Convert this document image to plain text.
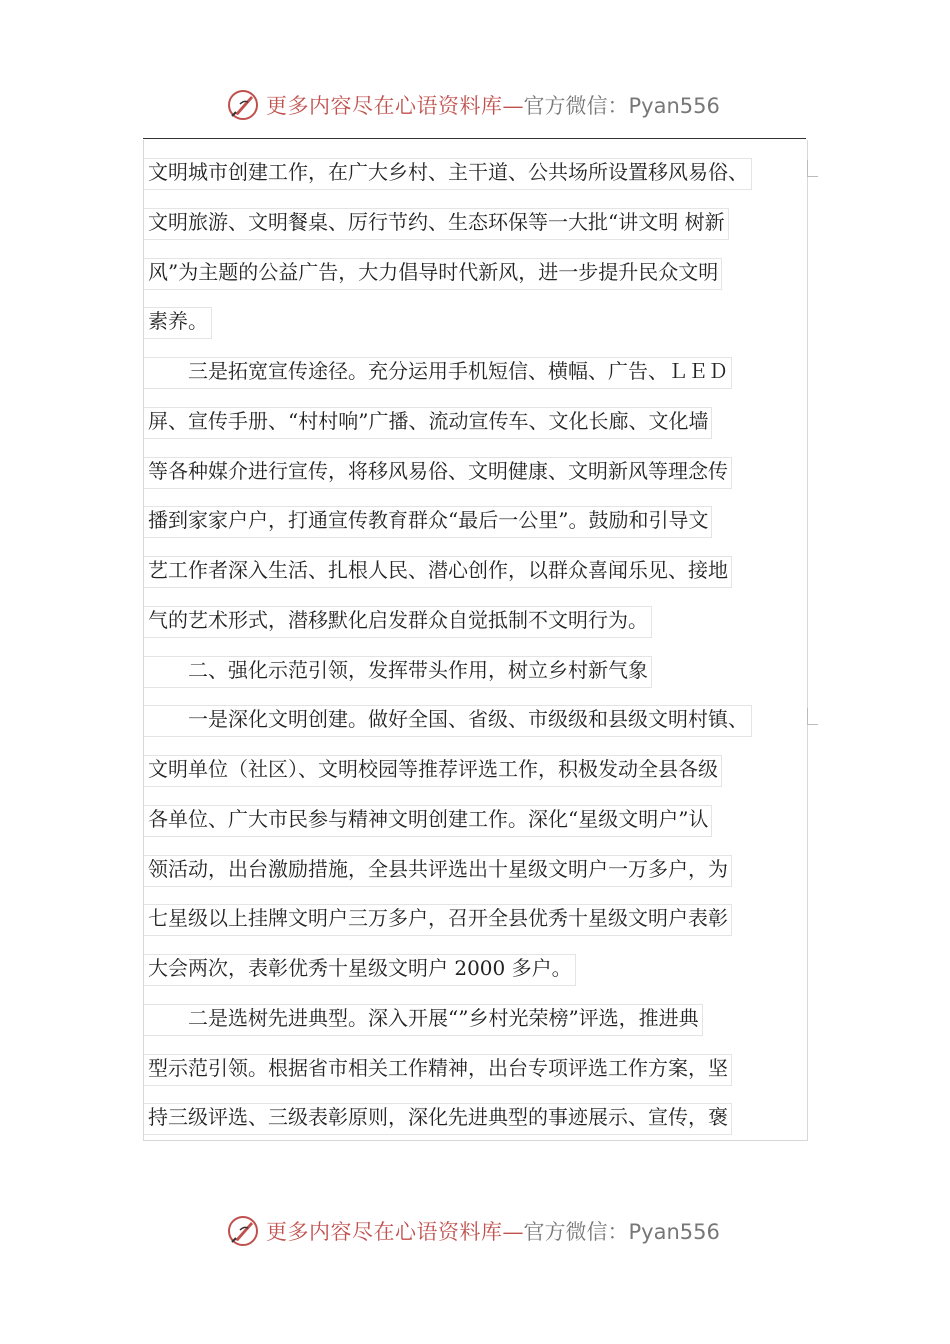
更多内容尽在心语资料库—官方微信：Pyan556
文明城市创建工作，在广大乡村、主干道、公共场所设置移风易俗、
文明旅游、文明餐桌、厉行节约、生态环保等一大批“讲文明 树新
风”为主题的公益广告，大力倡导时代新风，进一步提升民众文明
素养。
　　三是拓宽宣传途径。充分运用手机短信、横幅、广告、ＬＥＤ
屏、宣传手册、“村村响”广播、流动宣传车、文化长廊、文化墙
等各种媒介进行宣传，将移风易俗、文明健康、文明新风等理念传
播到家家户户，打通宣传教育群众“最后一公里”。鼓励和引导文
艺工作者深入生活、扎根人民、潜心创作，以群众喜闻乐见、接地
气的艺术形式，潜移默化启发群众自觉抵制不文明行为。
　　二、强化示范引领，发挥带头作用，树立乡村新气象
　　一是深化文明创建。做好全国、省级、市级级和县级文明村镇、
文明单位（社区）、文明校园等推荐评选工作，积极发动全县各级
各单位、广大市民参与精神文明创建工作。深化“星级文明户”认
领活动，出台激励措施，全县共评选出十星级文明户一万多户，为
七星级以上挂牌文明户三万多户，召开全县优秀十星级文明户表彰
大会两次，表彰优秀十星级文明户 2000 多户。
　　二是选树先进典型。深入开展“”乡村光荣榜”评选，推进典
型示范引领。根据省市相关工作精神，出台专项评选工作方案，坚
持三级评选、三级表彰原则，深化先进典型的事迹展示、宣传，褒
更多内容尽在心语资料库—官方微信：Pyan556
